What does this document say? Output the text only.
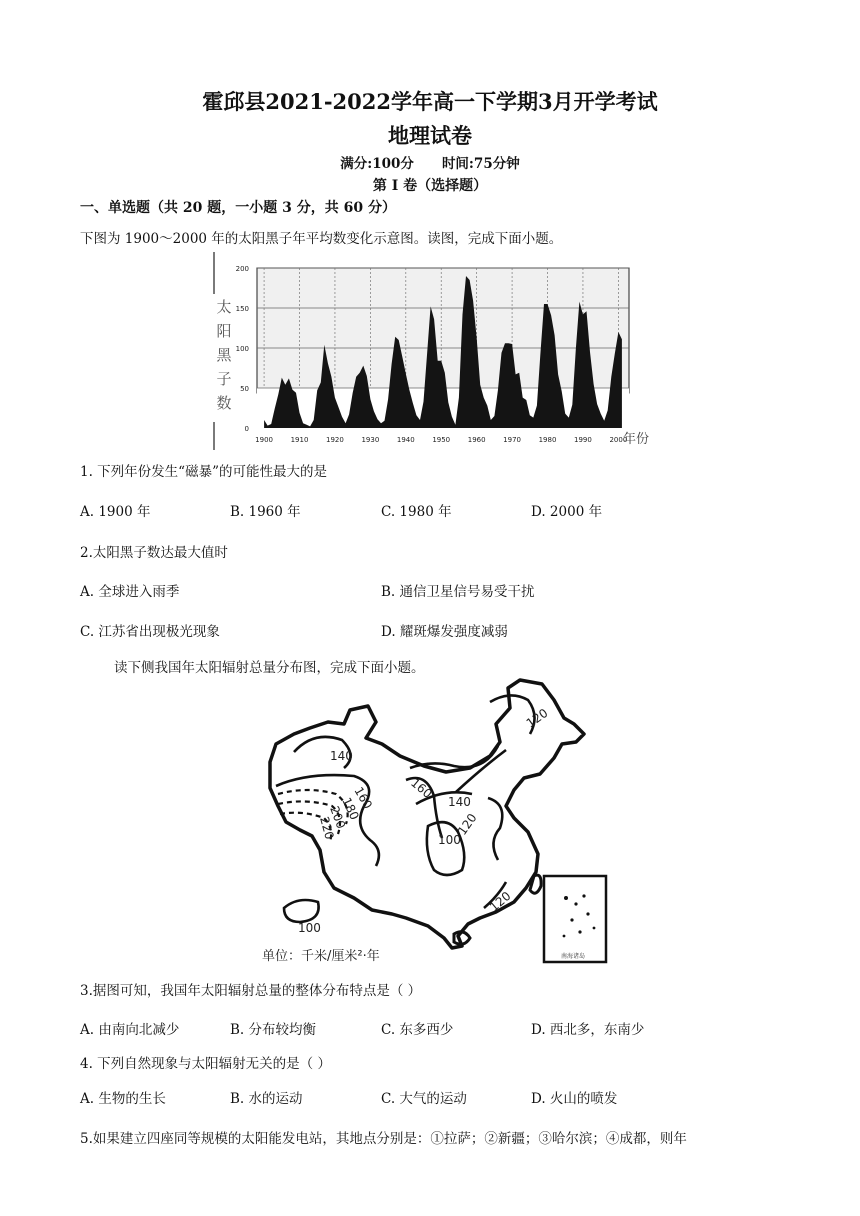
霍邱县2021-2022学年高一下学期3月开学考试
地理试卷
满分:100分 时间:75分钟
第 I 卷（选择题）
一、单选题（共 20 题，一小题 3 分，共 60 分）
下图为 1900～2000 年的太阳黑子年平均数变化示意图。读图，完成下面小题。
0
50
100
150
200
1900	1910	1920	1930	1940	1950	1960	1970	1980	1990	2000
太
阳
黑
子
数
年份
1. 下列年份发生“磁暴”的可能性最大的是
A. 1900 年	B. 1960 年	C. 1980 年	D. 2000 年
2.太阳黑子数达最大值时
A. 全球进入雨季	B. 通信卫星信号易受干扰
C. 江苏省出现极光现象	D. 耀斑爆发强度减弱
读下侧我国年太阳辐射总量分布图，完成下面小题。
南海诸岛
140
160
180
200
220
160
140
120
100
120
120
100
单位：千米/厘米²·年
3.据图可知，我国年太阳辐射总量的整体分布特点是（ ）
A. 由南向北减少	B. 分布较均衡	C. 东多西少	D. 西北多，东南少
4. 下列自然现象与太阳辐射无关的是（ ）
A. 生物的生长	B. 水的运动	C. 大气的运动	D. 火山的喷发
5.如果建立四座同等规模的太阳能发电站，其地点分别是：①拉萨；②新疆；③哈尔滨；④成都，则年
